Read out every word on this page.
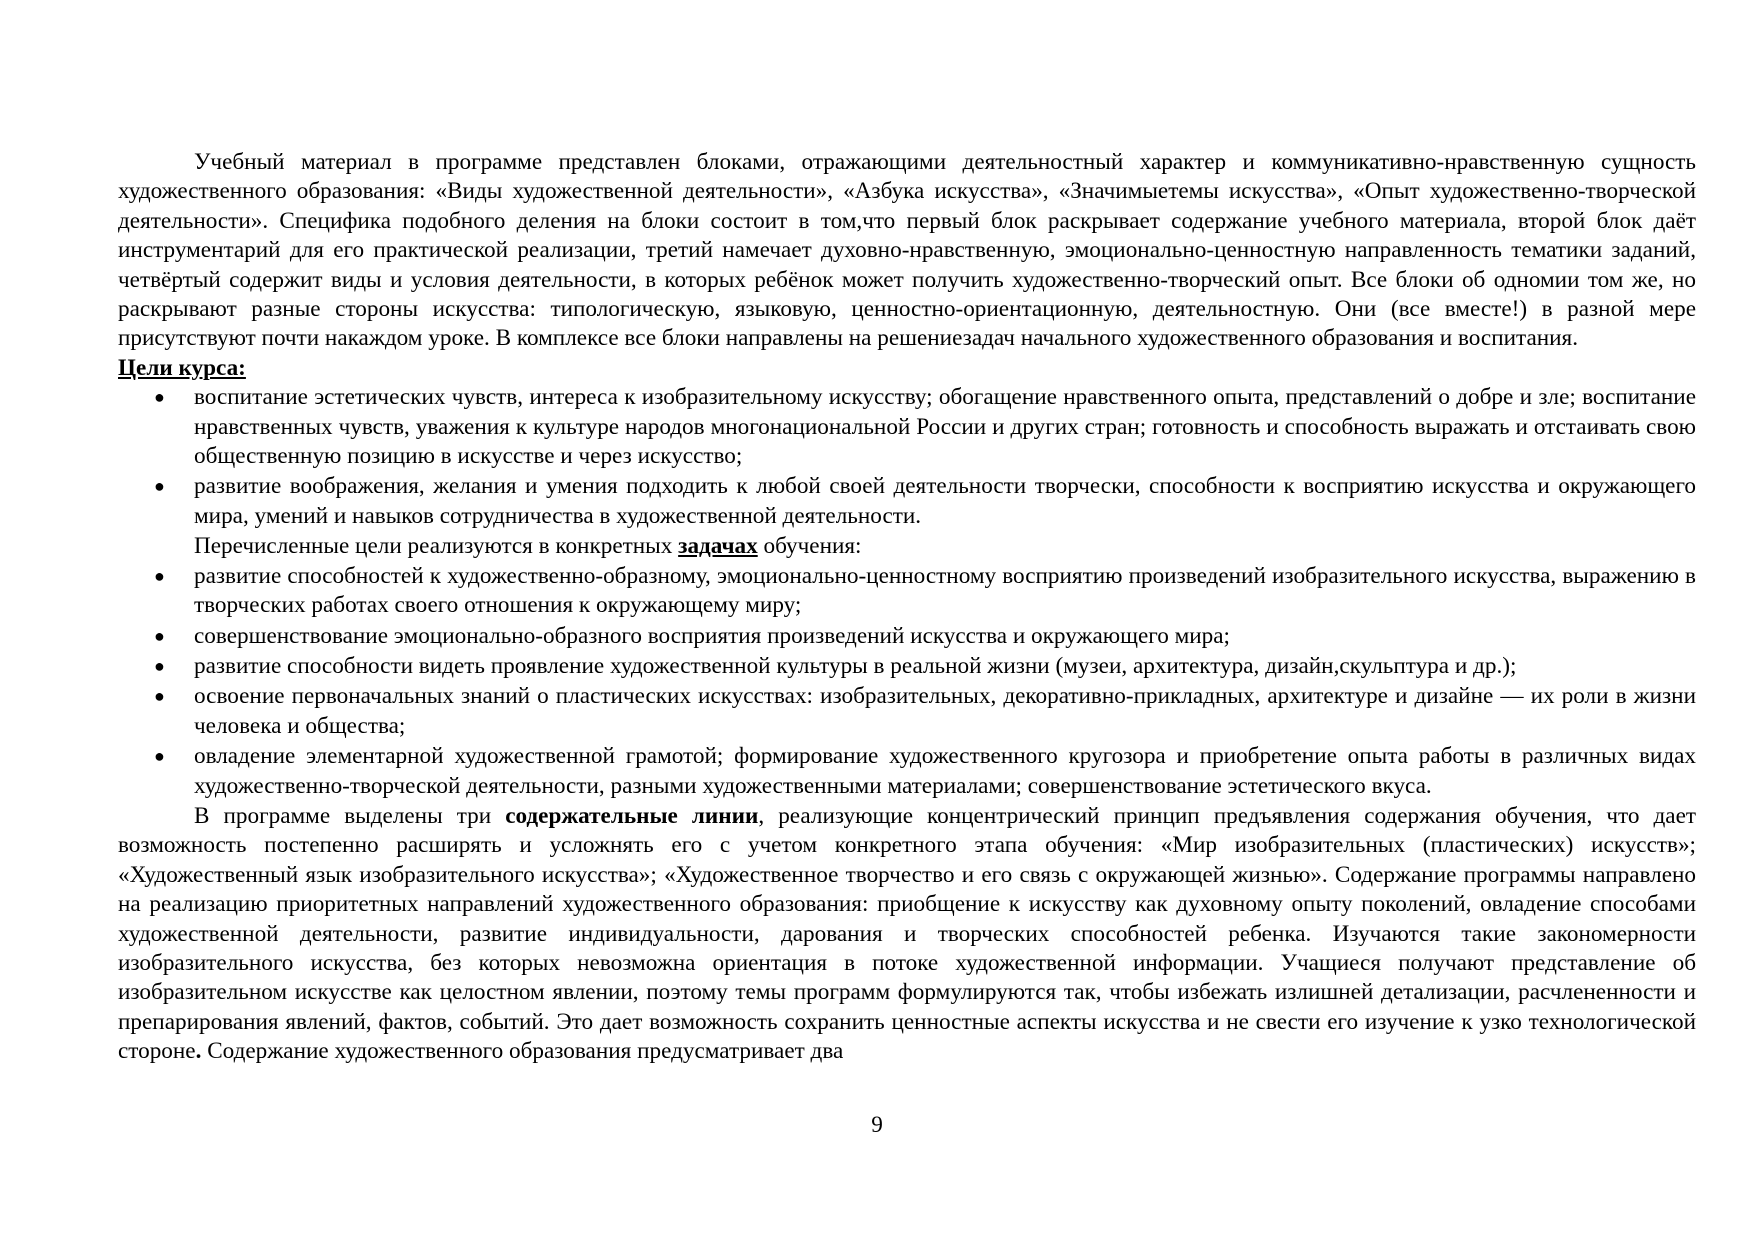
Учебный материал в программе представлен блоками, отражающими деятельностный характер и коммуникативно-нравственную сущность художественного образования: «Виды художественной деятельности», «Азбука искусства», «Значимыетемы искусства», «Опыт художественно-творческой деятельности». Специфика подобного деления на блоки состоит в том,что первый блок раскрывает содержание учебного материала, второй блок даёт инструментарий для его практической реализации, третий намечает духовно-нравственную, эмоционально-ценностную направленность тематики заданий, четвёртый содержит виды и условия деятельности, в которых ребёнок может получить художественно-творческий опыт. Все блоки об одномии том же, но раскрывают разные стороны искусства: типологическую, языковую, ценностно-ориентационную, деятельностную. Они (все вместе!) в разной мере присутствуют почти накаждом уроке. В комплексе все блоки направлены на решениезадач начального художественного образования и воспитания.

Цели курса:

● воспитание эстетических чувств, интереса к изобразительному искусству; обогащение нравственного опыта, представлений о добре и зле; воспитание нравственных чувств, уважения к культуре народов многонациональной России и других стран; готовность и способность выражать и отстаивать свою общественную позицию в искусстве и через искусство;
● развитие воображения, желания и умения подходить к любой своей деятельности творчески, способности к восприятию искусства и окружающего мира, умений и навыков сотрудничества в художественной деятельности.

Перечисленные цели реализуются в конкретных задачах обучения:

● развитие способностей к художественно-образному, эмоционально-ценностному восприятию произведений изобразительного искусства, выражению в творческих работах своего отношения к окружающему миру;
● совершенствование эмоционально-образного восприятия произведений искусства и окружающего мира;
● развитие способности видеть проявление художественной культуры в реальной жизни (музеи, архитектура, дизайн,скульптура и др.);
● освоение первоначальных знаний о пластических искусствах: изобразительных, декоративно-прикладных, архитектуре и дизайне — их роли в жизни человека и общества;
● овладение элементарной художественной грамотой; формирование художественного кругозора и приобретение опыта работы в различных видах художественно-творческой деятельности, разными художественными материалами; совершенствование эстетического вкуса.

В программе выделены три содержательные линии, реализующие концентрический принцип предъявления содержания обучения, что дает возможность постепенно расширять и усложнять его с учетом конкретного этапа обучения: «Мир изобразительных (пластических) искусств»; «Художественный язык изобразительного искусства»; «Художественное творчество и его связь с окружающей жизнью». Содержание программы направлено на реализацию приоритетных направлений художественного образования: приобщение к искусству как духовному опыту поколений, овладение способами художественной деятельности, развитие индивидуальности, дарования и творческих способностей ребенка. Изучаются такие закономерности изобразительного искусства, без которых невозможна ориентация в потоке художественной информации. Учащиеся получают представление об изобразительном искусстве как целостном явлении, поэтому темы программ формулируются так, чтобы избежать излишней детализации, расчлененности и препарирования явлений, фактов, событий. Это дает возможность сохранить ценностные аспекты искусства и не свести его изучение к узко технологической стороне. Содержание художественного образования предусматривает два

9
